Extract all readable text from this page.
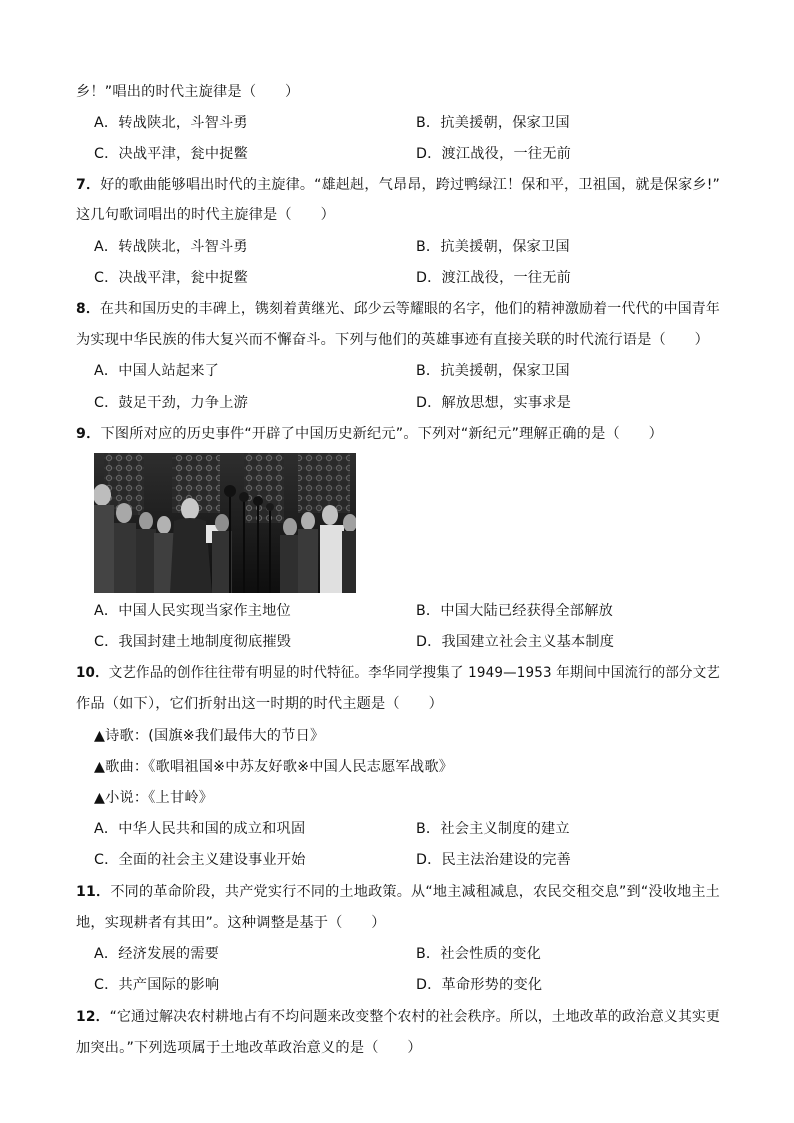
乡！”唱出的时代主旋律是（　　）
A．转战陕北，斗智斗勇	B．抗美援朝，保家卫国
C．决战平津，瓮中捉鳖	D．渡江战役，一往无前
7．好的歌曲能够唱出时代的主旋律。“雄赳赳，气昂昂，跨过鸭绿江！保和平，卫祖国，就是保家乡!”
这几句歌词唱出的时代主旋律是（　　）
A．转战陕北，斗智斗勇	B．抗美援朝，保家卫国
C．决战平津，瓮中捉鳖	D．渡江战役，一往无前
8．在共和国历史的丰碑上，镌刻着黄继光、邱少云等耀眼的名字，他们的精神激励着一代代的中国青年
为实现中华民族的伟大复兴而不懈奋斗。下列与他们的英雄事迹有直接关联的时代流行语是（　　）
A．中国人站起来了	B．抗美援朝，保家卫国
C．鼓足干劲，力争上游	D．解放思想，实事求是
9．下图所对应的历史事件“开辟了中国历史新纪元”。下列对“新纪元”理解正确的是（　　）
A．中国人民实现当家作主地位	B．中国大陆已经获得全部解放
C．我国封建土地制度彻底摧毁	D．我国建立社会主义基本制度
10．文艺作品的创作往往带有明显的时代特征。李华同学搜集了 1949—1953 年期间中国流行的部分文艺
作品（如下），它们折射出这一时期的时代主题是（　　）
▲诗歌：(国旗※我们最伟大的节日》
▲歌曲：《歌唱祖国※中苏友好歌※中国人民志愿军战歌》
▲小说：《上甘岭》
A．中华人民共和国的成立和巩固	B．社会主义制度的建立
C．全面的社会主义建设事业开始	D．民主法治建设的完善
11．不同的革命阶段，共产党实行不同的土地政策。从“地主减租减息，农民交租交息”到“没收地主土
地，实现耕者有其田”。这种调整是基于（　　）
A．经济发展的需要	B．社会性质的变化
C．共产国际的影响	D．革命形势的变化
12．“它通过解决农村耕地占有不均问题来改变整个农村的社会秩序。所以，土地改革的政治意义其实更
加突出。”下列选项属于土地改革政治意义的是（　　）
